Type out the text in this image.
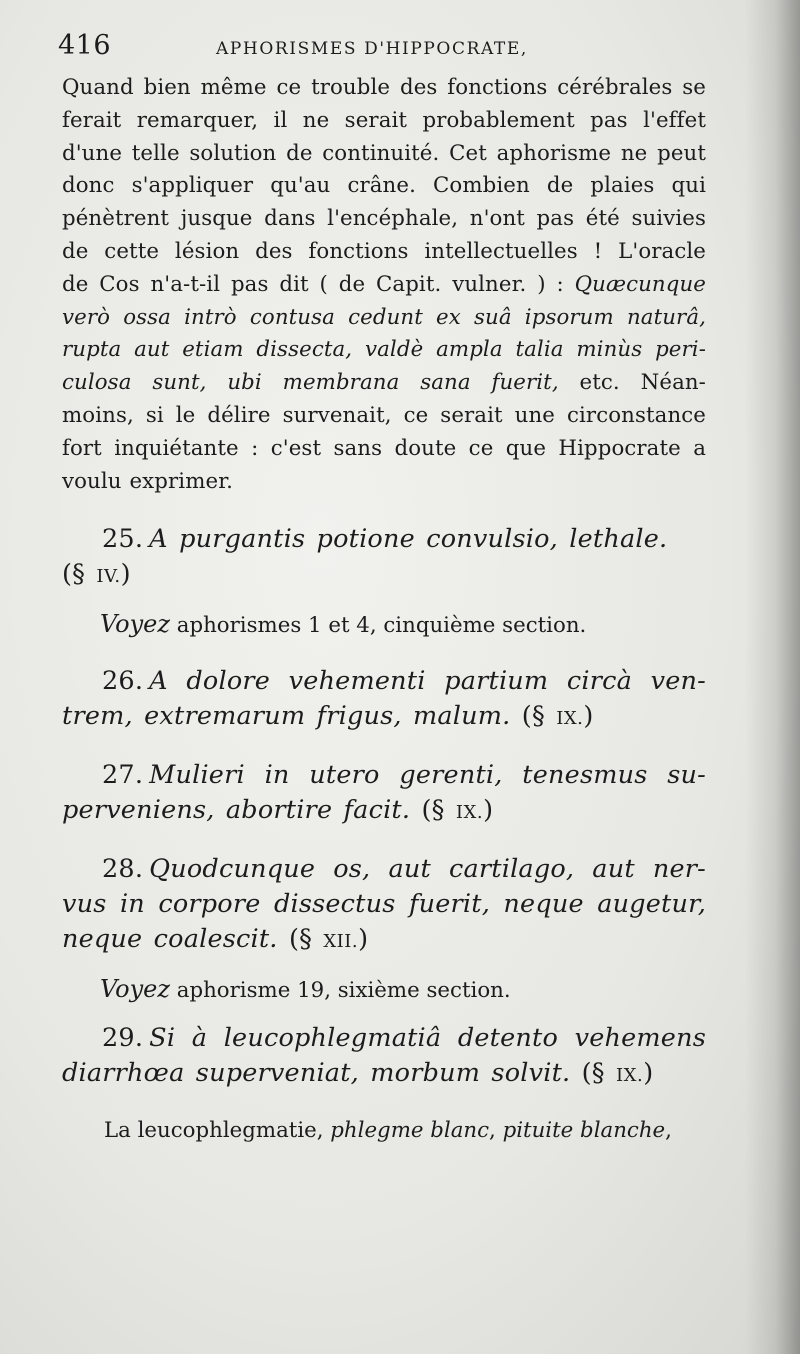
416	APHORISMES D'HIPPOCRATE,
Quand bien même ce trouble des fonctions cérébrales se
ferait remarquer, il ne serait probablement pas l'effet
d'une telle solution de continuité. Cet aphorisme ne peut
donc s'appliquer qu'au crâne. Combien de plaies qui
pénètrent jusque dans l'encéphale, n'ont pas été suivies
de cette lésion des fonctions intellectuelles ! L'oracle
de Cos n'a-t-il pas dit ( de Capit. vulner. ) : Quæcunque
verò ossa intrò contusa cedunt ex suâ ipsorum naturâ,
rupta aut etiam dissecta, valdè ampla talia minùs peri-
culosa sunt, ubi membrana sana fuerit, etc. Néan-
moins, si le délire survenait, ce serait une circonstance
fort inquiétante : c'est sans doute ce que Hippocrate a
voulu exprimer.
25. A purgantis potione convulsio, lethale.
(§ IV.)
Voyez aphorismes 1 et 4, cinquième section.
26. A dolore vehementi partium circà ven-
trem, extremarum frigus, malum. (§ IX.)
27. Mulieri in utero gerenti, tenesmus su-
perveniens, abortire facit. (§ IX.)
28. Quodcunque os, aut cartilago, aut ner-
vus in corpore dissectus fuerit, neque augetur,
neque coalescit. (§ XII.)
Voyez aphorisme 19, sixième section.
29. Si à leucophlegmatiâ detento vehemens
diarrhœa superveniat, morbum solvit. (§ IX.)
La leucophlegmatie, phlegme blanc, pituite blanche,
